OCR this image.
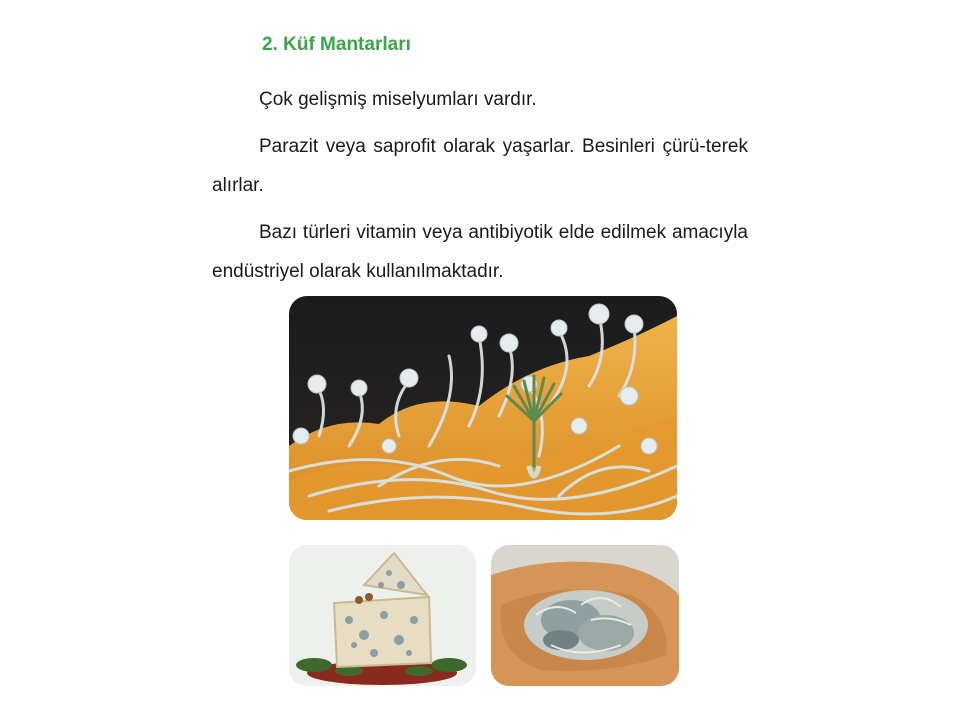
2. Küf Mantarları

Çok gelişmiş miselyumları vardır.

Parazit veya saprofit olarak yaşarlar. Besinleri çürü-terek alırlar.

Bazı türleri vitamin veya antibiyotik elde edilmek amacıyla endüstriyel olarak kullanılmaktadır.
